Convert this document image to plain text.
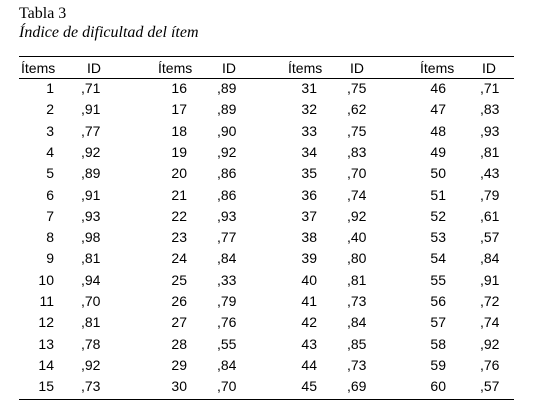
Tabla 3
Índice de dificultad del ítem
Ítems ID	Ítems ID	Ítems ID	Ítems ID
1 ,71	16 ,89	31 ,75	46 ,71
2 ,91	17 ,89	32 ,62	47 ,83
3 ,77	18 ,90	33 ,75	48 ,93
4 ,92	19 ,92	34 ,83	49 ,81
5 ,89	20 ,86	35 ,70	50 ,43
6 ,91	21 ,86	36 ,74	51 ,79
7 ,93	22 ,93	37 ,92	52 ,61
8 ,98	23 ,77	38 ,40	53 ,57
9 ,81	24 ,84	39 ,80	54 ,84
10 ,94	25 ,33	40 ,81	55 ,91
11 ,70	26 ,79	41 ,73	56 ,72
12 ,81	27 ,76	42 ,84	57 ,74
13 ,78	28 ,55	43 ,85	58 ,92
14 ,92	29 ,84	44 ,73	59 ,76
15 ,73	30 ,70	45 ,69	60 ,57
